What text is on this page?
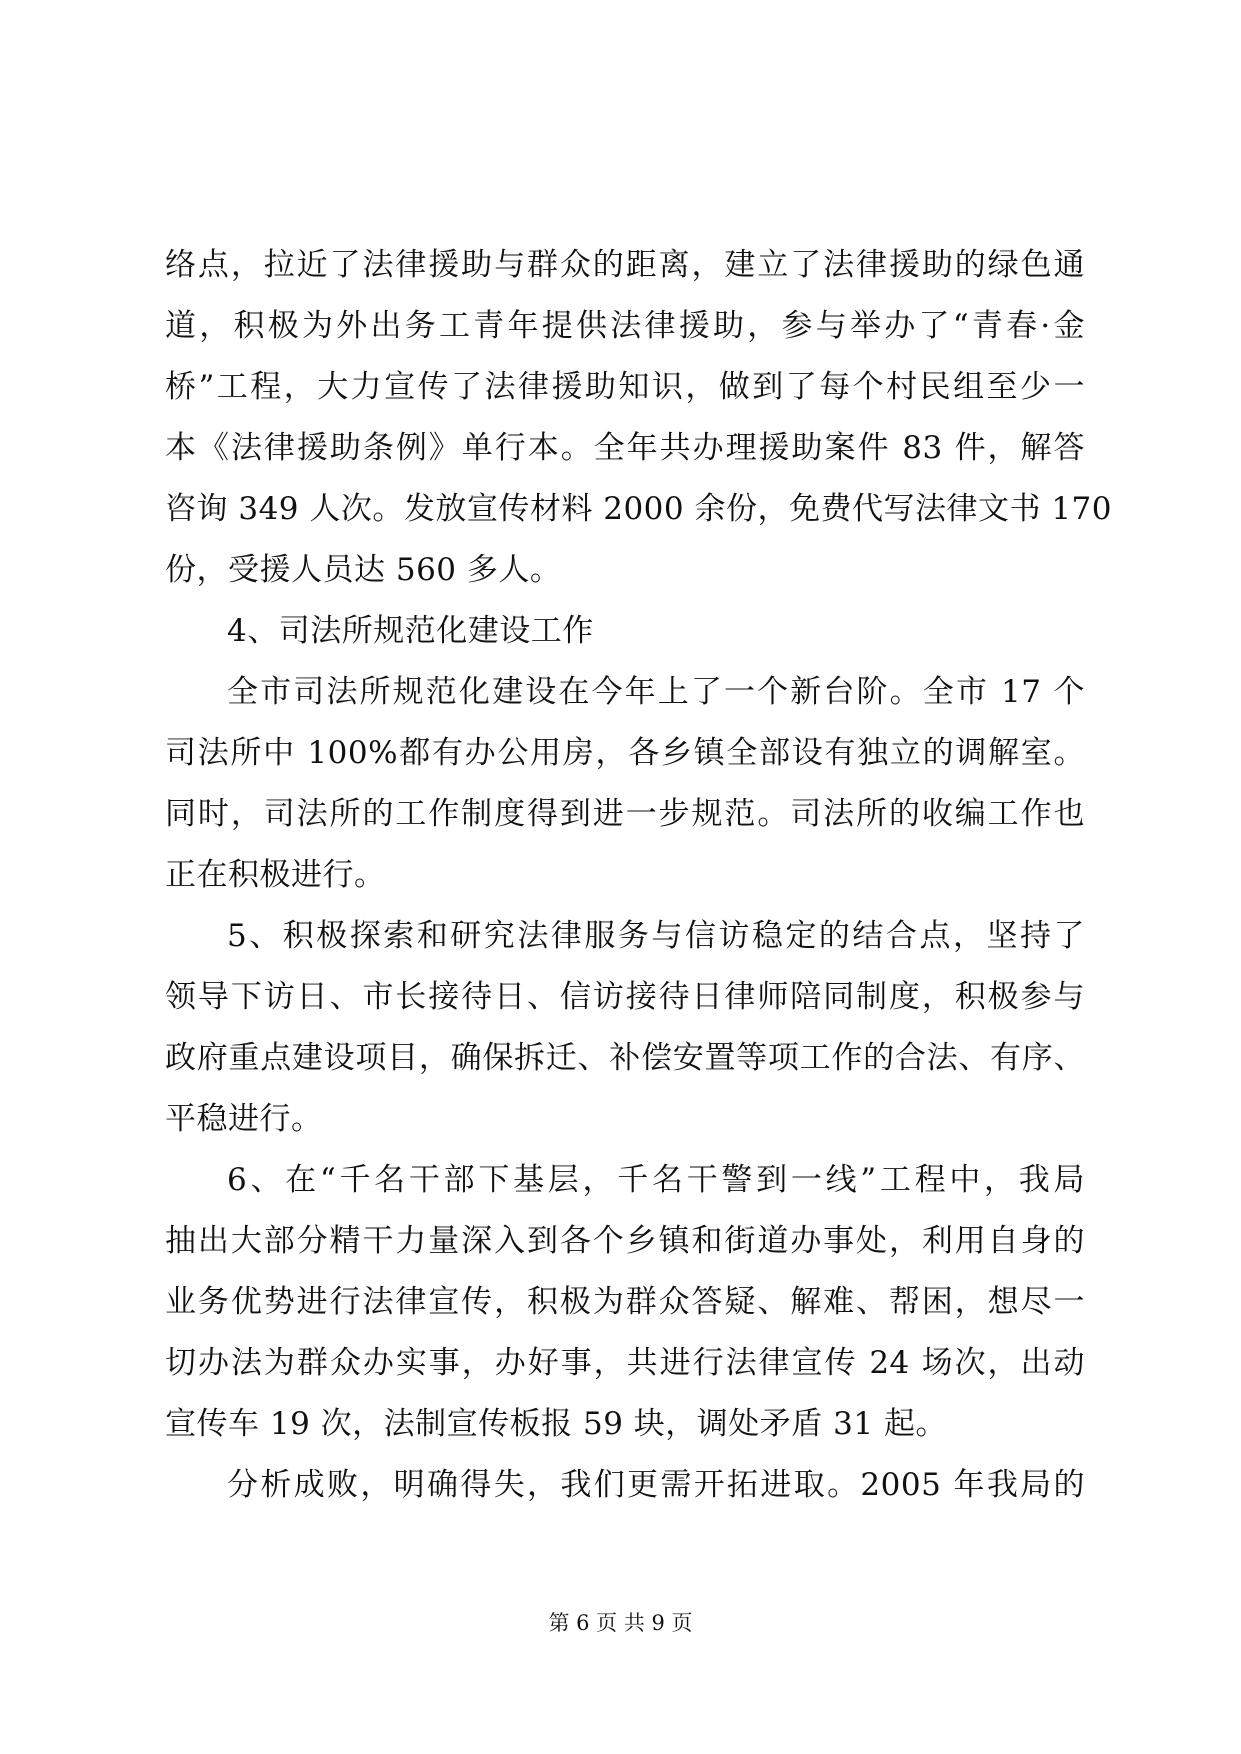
络点，拉近了法律援助与群众的距离，建立了法律援助的绿色通
道，积极为外出务工青年提供法律援助，参与举办了“青春·金
桥”工程，大力宣传了法律援助知识，做到了每个村民组至少一
本《法律援助条例》单行本。全年共办理援助案件 83 件，解答
咨询 349 人次。发放宣传材料 2000 余份，免费代写法律文书 170
份，受援人员达 560 多人。
4、司法所规范化建设工作
全市司法所规范化建设在今年上了一个新台阶。全市 17 个
司法所中 100%都有办公用房，各乡镇全部设有独立的调解室。
同时，司法所的工作制度得到进一步规范。司法所的收编工作也
正在积极进行。
5、积极探索和研究法律服务与信访稳定的结合点，坚持了
领导下访日、市长接待日、信访接待日律师陪同制度，积极参与
政府重点建设项目，确保拆迁、补偿安置等项工作的合法、有序、
平稳进行。
6、在“千名干部下基层，千名干警到一线”工程中，我局
抽出大部分精干力量深入到各个乡镇和街道办事处，利用自身的
业务优势进行法律宣传，积极为群众答疑、解难、帮困，想尽一
切办法为群众办实事，办好事，共进行法律宣传 24 场次，出动
宣传车 19 次，法制宣传板报 59 块，调处矛盾 31 起。
分析成败，明确得失，我们更需开拓进取。2005 年我局的
第 6 页 共 9 页
